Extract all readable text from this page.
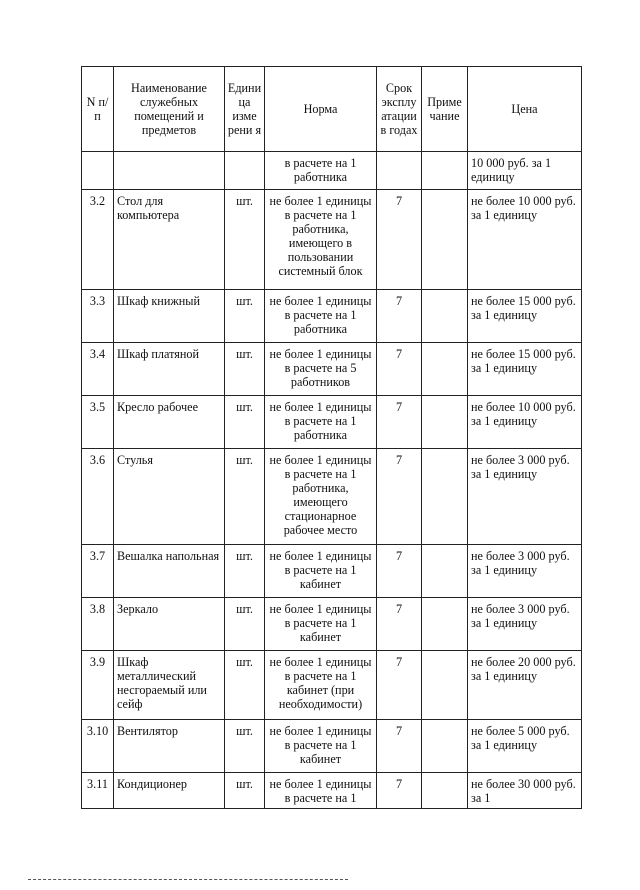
N п/п	Наименование служебных помещений и предметов	Едини ца изме рени я	Норма	Срок эксплу атации в годах	Приме чание	Цена
			в расчете на 1 работника			10 000 руб. за 1 единицу
3.2	Стол для компьютера	шт.	не более 1 единицы в расчете на 1 работника, имеющего в пользовании системный блок	7		не более 10 000 руб. за 1 единицу
3.3	Шкаф книжный	шт.	не более 1 единицы в расчете на 1 работника	7		не более 15 000 руб. за 1 единицу
3.4	Шкаф платяной	шт.	не более 1 единицы в расчете на 5 работников	7		не более 15 000 руб. за 1 единицу
3.5	Кресло рабочее	шт.	не более 1 единицы в расчете на 1 работника	7		не более 10 000 руб. за 1 единицу
3.6	Стулья	шт.	не более 1 единицы в расчете на 1 работника, имеющего стационарное рабочее место	7		не более 3 000 руб. за 1 единицу
3.7	Вешалка напольная	шт.	не более 1 единицы в расчете на 1 кабинет	7		не более 3 000 руб. за 1 единицу
3.8	Зеркало	шт.	не более 1 единицы в расчете на 1 кабинет	7		не более 3 000 руб. за 1 единицу
3.9	Шкаф металлический несгораемый или сейф	шт.	не более 1 единицы в расчете на 1 кабинет (при необходимости)	7		не более 20 000 руб. за 1 единицу
3.10	Вентилятор	шт.	не более 1 единицы в расчете на 1 кабинет	7		не более 5 000 руб. за 1 единицу
3.11	Кондиционер	шт.	не более 1 единицы в расчете на 1	7		не более 30 000 руб. за 1
